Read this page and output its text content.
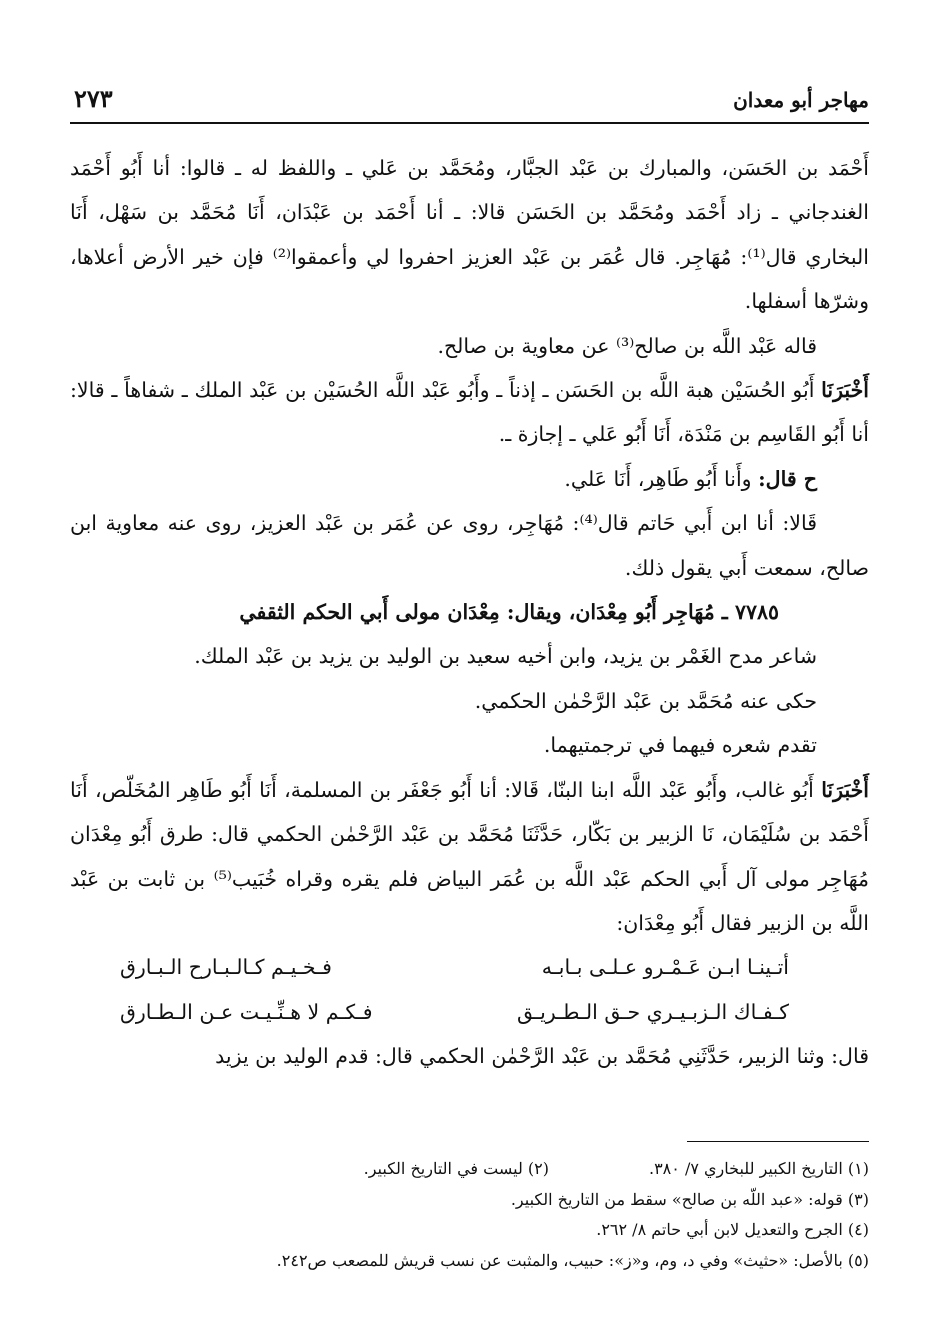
مهاجر أبو معدان
٢٧٣

أَحْمَد بن الحَسَن، والمبارك بن عَبْد الجبَّار، ومُحَمَّد بن عَلي ـ واللفظ له ـ قالوا: أنا أَبُو أَحْمَد الغندجاني ـ زاد أَحْمَد ومُحَمَّد بن الحَسَن قالا: ـ أنا أَحْمَد بن عَبْدَان، أَنَا مُحَمَّد بن سَهْل، أَنَا البخاري قال⁽¹⁾: مُهَاجِر. قال عُمَر بن عَبْد العزيز احفروا لي وأعمقوا⁽²⁾ فإن خير الأرض أعلاها، وشرّها أسفلها.

قاله عَبْد اللَّه بن صالح⁽³⁾ عن معاوية بن صالح.

أَخْبَرَنَا أَبُو الحُسَيْن هبة اللَّه بن الحَسَن ـ إذناً ـ وأَبُو عَبْد اللَّه الحُسَيْن بن عَبْد الملك ـ شفاهاً ـ قالا: أنا أَبُو القَاسِم بن مَنْدَة، أَنَا أَبُو عَلي ـ إجازة ـ.

ح قال: وأَنا أَبُو طَاهِر، أَنَا عَلي.

قَالا: أنا ابن أَبي حَاتم قال⁽⁴⁾: مُهَاجِر، روى عن عُمَر بن عَبْد العزيز، روى عنه معاوية ابن صالح، سمعت أَبي يقول ذلك.

٧٧٨٥ ـ مُهَاجِر أَبُو مِعْدَان، ويقال: مِعْدَان مولى أَبي الحكم الثقفي

شاعر مدح الغَمْر بن يزيد، وابن أخيه سعيد بن الوليد بن يزيد بن عَبْد الملك.

حكى عنه مُحَمَّد بن عَبْد الرَّحْمٰن الحكمي.

تقدم شعره فيهما في ترجمتيهما.

أَخْبَرَنَا أَبُو غالب، وأَبُو عَبْد اللَّه ابنا البنّا، قَالا: أنا أَبُو جَعْفَر بن المسلمة، أَنَا أَبُو طَاهِر المُخَلّص، أَنَا أَحْمَد بن سُلَيْمَان، نَا الزبير بن بَكّار، حَدَّثَنَا مُحَمَّد بن عَبْد الرَّحْمٰن الحكمي قال: طرق أَبُو مِعْدَان مُهَاجِر مولى آل أَبي الحكم عَبْد اللَّه بن عُمَر البياض فلم يقره وقراه خُبَيب⁽⁵⁾ بن ثابت بن عَبْد اللَّه بن الزبير فقال أَبُو مِعْدَان:

أتـينـا ابـن عَـمْـرو عـلـى بـابـه
فـخـيـم كـالـبـارح الـبـارق
كـفـاك الـزبـيـري حـق الـطـريـق
فـكـم لا هـنِّـيـت عـن الـطـارق

قال: وثنا الزبير، حَدَّثَنِي مُحَمَّد بن عَبْد الرَّحْمٰن الحكمي قال: قدم الوليد بن يزيد

(١) التاريخ الكبير للبخاري ٧/ ٣٨٠.

(٢) ليست في التاريخ الكبير.

(٣) قوله: «عبد اللّه بن صالح» سقط من التاريخ الكبير.

(٤) الجرح والتعديل لابن أبي حاتم ٨/ ٢٦٢.

(٥) بالأصل: «حثيث» وفي د، وم، و«ز»: حبيب، والمثبت عن نسب قريش للمصعب ص٢٤٢.
